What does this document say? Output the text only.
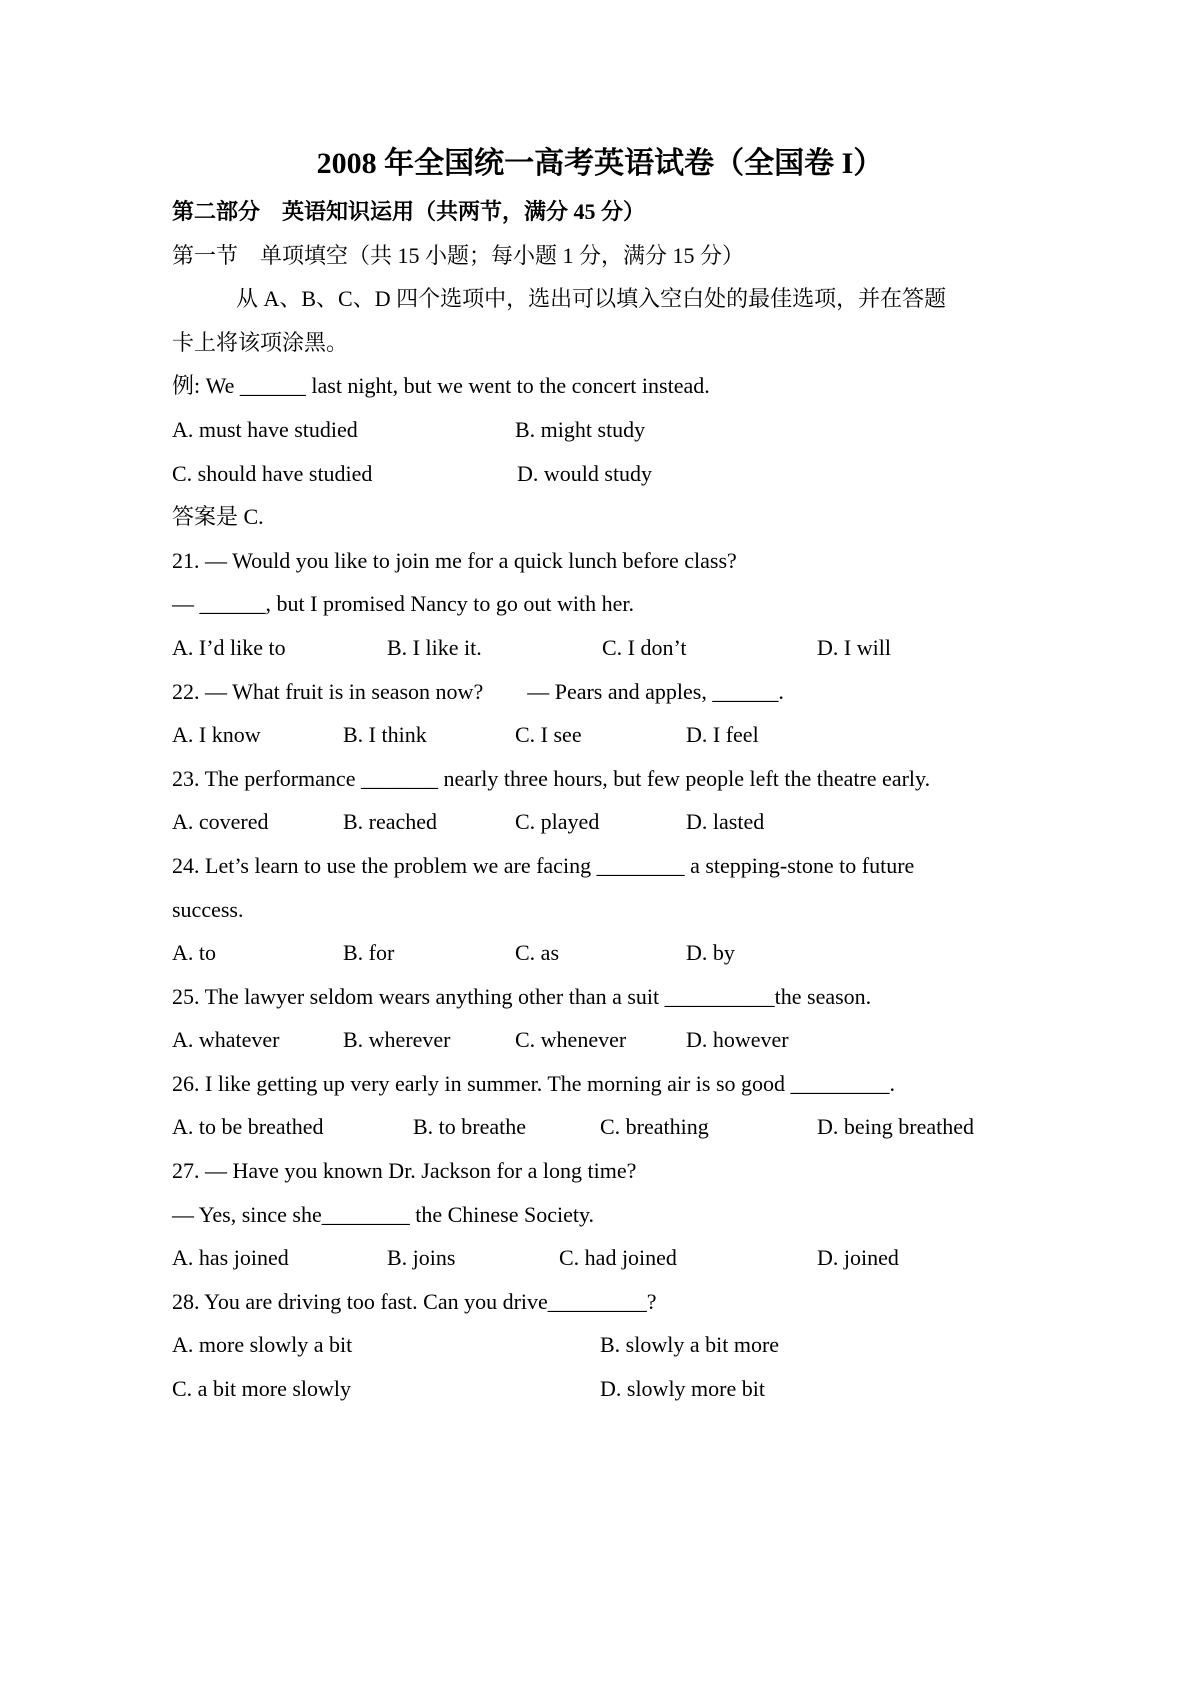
2008 年全国统一高考英语试卷（全国卷 I）
第二部分　英语知识运用（共两节，满分 45 分）
第一节　单项填空（共 15 小题；每小题 1 分，满分 15 分）
从 A、B、C、D 四个选项中，选出可以填入空白处的最佳选项，并在答题
卡上将该项涂黑。
例: We ______ last night, but we went to the concert instead.

A. must have studied

	B. might study

C. should have studied

	D. would study

答案是 C.
21. — Would you like to join me for a quick lunch before class?
— ______, but I promised Nancy to go out with her.

A. I’d like to

	B. I like it.

	C. I don’t

	D. I will

22. — What fruit is in season now?        — Pears and apples, ______.

A. I know

	B. I think

	C. I see

	D. I feel

23. The performance _______ nearly three hours, but few people left the theatre early.

A. covered

	B. reached

	C. played

	D. lasted

24. Let’s learn to use the problem we are facing ________ a stepping-stone to future
success.

A. to

	B. for

	C. as

	D. by

25. The lawyer seldom wears anything other than a suit __________the season.

A. whatever

	B. wherever

	C. whenever

	D. however

26. I like getting up very early in summer. The morning air is so good _________.

A. to be breathed

	B. to breathe

	C. breathing

	D. being breathed

27. — Have you known Dr. Jackson for a long time?
— Yes, since she________ the Chinese Society.

A. has joined

	B. joins

	C. had joined

	D. joined

28. You are driving too fast. Can you drive_________?

A. more slowly a bit

	B. slowly a bit more

C. a bit more slowly

	D. slowly more bit
